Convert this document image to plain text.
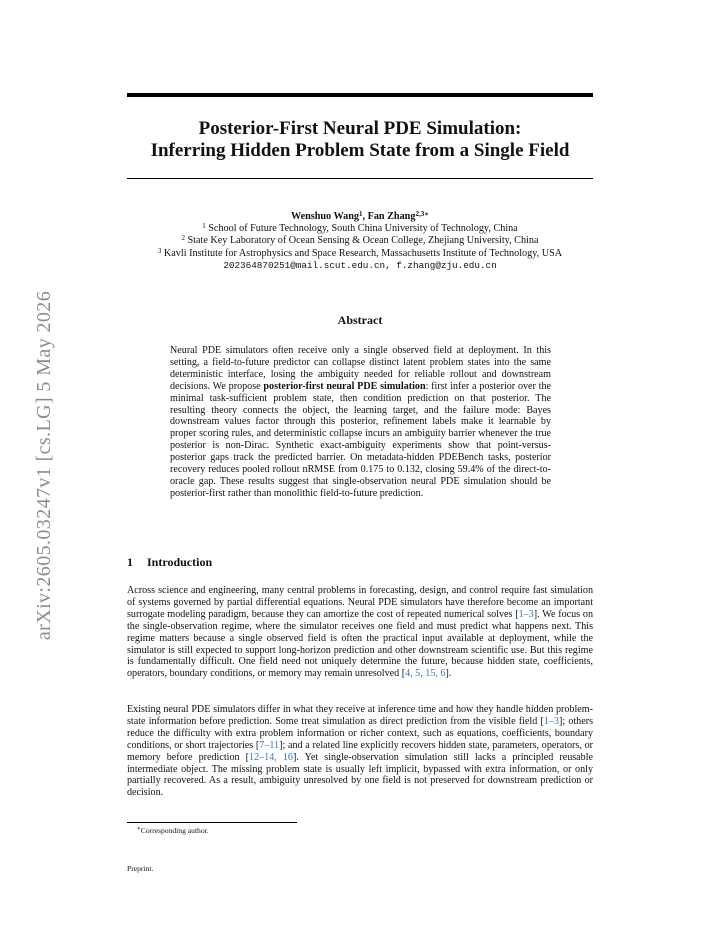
arXiv:2605.03247v1 [cs.LG] 5 May 2026
Posterior-First Neural PDE Simulation:
Inferring Hidden Problem State from a Single Field
Wenshuo Wang$^1$, Fan Zhang$^{2,3∗}$
$^1$ School of Future Technology, South China University of Technology, China
$^2$ State Key Laboratory of Ocean Sensing & Ocean College, Zhejiang University, China
$^3$ Kavli Institute for Astrophysics and Space Research, Massachusetts Institute of Technology, USA
202364870251@mail.scut.edu.cn, f.zhang@zju.edu.cn
Abstract
Neural PDE simulators often receive only a single observed field at deployment. In this setting, a field-to-future predictor can collapse distinct latent problem states into the same deterministic interface, losing the ambiguity needed for reliable rollout and downstream decisions. We propose posterior-first neural PDE simulation: first infer a posterior over the minimal task-sufficient problem state, then condition prediction on that posterior. The resulting theory connects the object, the learning target, and the failure mode: Bayes downstream values factor through this posterior, refinement labels make it learnable by proper scoring rules, and deterministic collapse incurs an ambiguity barrier whenever the true posterior is non-Dirac. Synthetic exact-ambiguity experiments show that point-versus-posterior gaps track the predicted barrier. On metadata-hidden PDEBench tasks, posterior recovery reduces pooled rollout nRMSE from 0.175 to 0.132, closing 59.4% of the direct-to-oracle gap. These results suggest that single-observation neural PDE simulation should be posterior-first rather than monolithic field-to-future prediction.
1 Introduction
Across science and engineering, many central problems in forecasting, design, and control require fast simulation of systems governed by partial differential equations. Neural PDE simulators have therefore become an important surrogate modeling paradigm, because they can amortize the cost of repeated numerical solves [1–3]. We focus on the single-observation regime, where the simulator receives one field and must predict what happens next. This regime matters because a single observed field is often the practical input available at deployment, while the simulator is still expected to support long-horizon prediction and other downstream scientific use. But this regime is fundamentally difficult. One field need not uniquely determine the future, because hidden state, coefficients, operators, boundary conditions, or memory may remain unresolved [4, 5, 15, 6].
Existing neural PDE simulators differ in what they receive at inference time and how they handle hidden problem-state information before prediction. Some treat simulation as direct prediction from the visible field [1–3]; others reduce the difficulty with extra problem information or richer context, such as equations, coefficients, boundary conditions, or short trajectories [7–11]; and a related line explicitly recovers hidden state, parameters, operators, or memory before prediction [12–14, 16]. Yet single-observation simulation still lacks a principled reusable intermediate object. The missing problem state is usually left implicit, bypassed with extra information, or only partially recovered. As a result, ambiguity unresolved by one field is not preserved for downstream prediction or decision.
∗Corresponding author.
Preprint.
